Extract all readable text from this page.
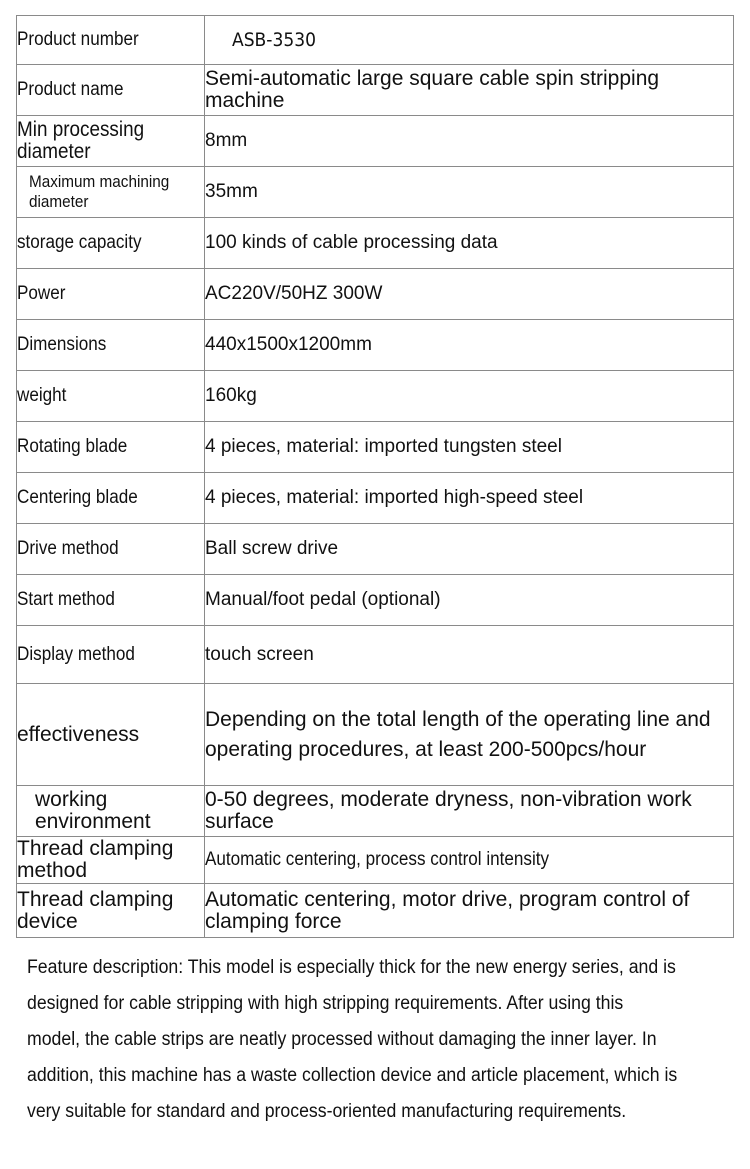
Product number	ASB-3530

Product name	Semi-automatic large square cable spin stripping machine

Min processing diameter	8mm

Maximum machining diameter	35mm

storage capacity	100 kinds of cable processing data

Power	AC220V/50HZ 300W

Dimensions	440x1500x1200mm

weight	160kg

Rotating blade	4 pieces, material: imported tungsten steel

Centering blade	4 pieces, material: imported high-speed steel

Drive method	Ball screw drive

Start method	Manual/foot pedal (optional)

Display method	touch screen

effectiveness	Depending on the total length of the operating line and operating procedures, at least 200-500pcs/hour

working environment	0-50 degrees, moderate dryness, non-vibration work surface

Thread clamping method	Automatic centering, process control intensity

Thread clamping device	Automatic centering, motor drive, program control of clamping force
Feature description: This model is especially thick for the new energy series, and is designed for cable stripping with high stripping requirements. After using this model, the cable strips are neatly processed without damaging the inner layer. In addition, this machine has a waste collection device and article placement, which is very suitable for standard and process-oriented manufacturing requirements.
